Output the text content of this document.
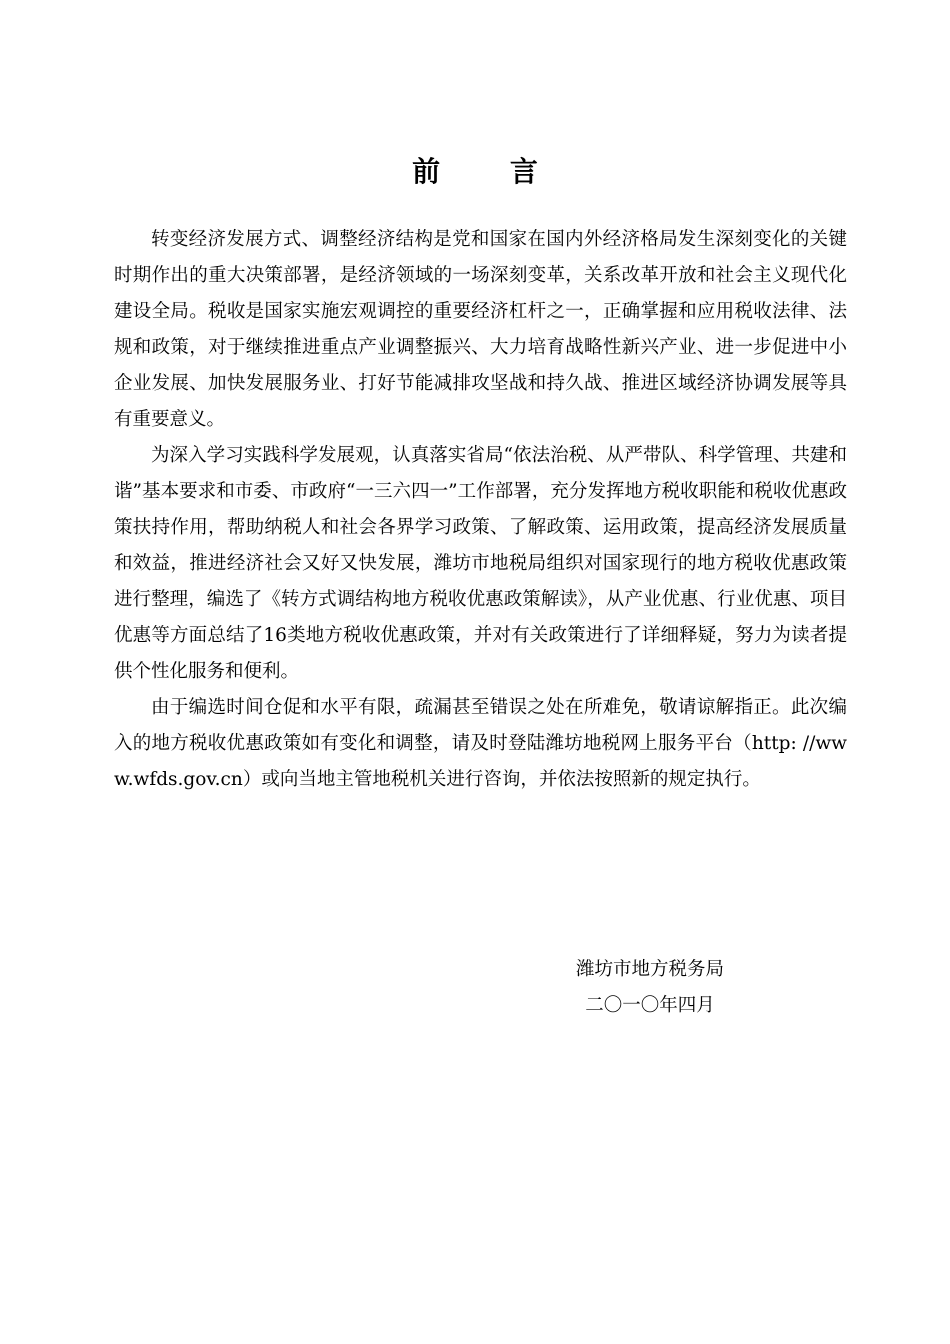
前 言

转变经济发展方式、调整经济结构是党和国家在国内外经济格局发生深刻变化的关键时期作出的重大决策部署，是经济领域的一场深刻变革，关系改革开放和社会主义现代化建设全局。税收是国家实施宏观调控的重要经济杠杆之一，正确掌握和应用税收法律、法规和政策，对于继续推进重点产业调整振兴、大力培育战略性新兴产业、进一步促进中小企业发展、加快发展服务业、打好节能减排攻坚战和持久战、推进区域经济协调发展等具有重要意义。

为深入学习实践科学发展观，认真落实省局“依法治税、从严带队、科学管理、共建和谐”基本要求和市委、市政府“一三六四一”工作部署，充分发挥地方税收职能和税收优惠政策扶持作用，帮助纳税人和社会各界学习政策、了解政策、运用政策，提高经济发展质量和效益，推进经济社会又好又快发展，潍坊市地税局组织对国家现行的地方税收优惠政策进行整理，编选了《转方式调结构地方税收优惠政策解读》，从产业优惠、行业优惠、项目优惠等方面总结了16类地方税收优惠政策，并对有关政策进行了详细释疑，努力为读者提供个性化服务和便利。

由于编选时间仓促和水平有限，疏漏甚至错误之处在所难免，敬请谅解指正。此次编入的地方税收优惠政策如有变化和调整，请及时登陆潍坊地税网上服务平台（http: //www.wfds.gov.cn）或向当地主管地税机关进行咨询，并依法按照新的规定执行。

潍坊市地方税务局
二〇一〇年四月
